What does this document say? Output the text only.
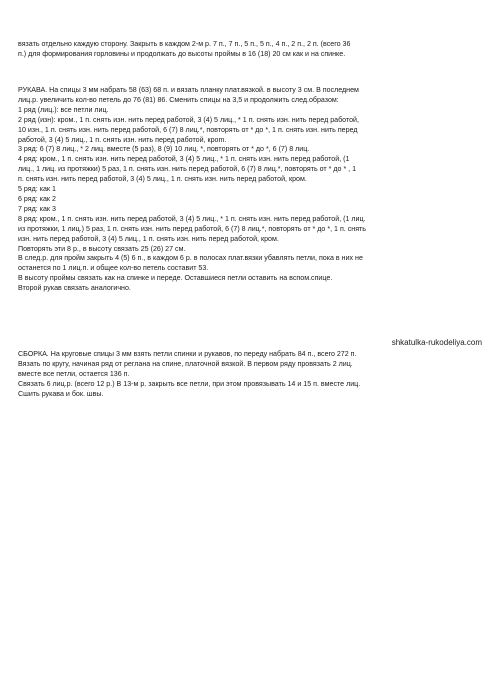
вязать отдельно каждую сторону. Закрыть в каждом 2-м р. 7 п., 7 п., 5 п., 5 п., 4 п., 2 п., 2 п. (всего 36
п.) для формирования горловины и продолжать до высоты проймы в 16 (18) 20 см как и на спинке.
РУКАВА. На спицы 3 мм набрать 58 (63) 68 п. и вязать планку плат.вязкой. в высоту 3 см. В последнем
лиц.р. увеличить кол-во петель до 76 (81) 86. Сменить спицы на 3,5 и продолжить след.образом:
1 ряд (лиц.): все петли лиц.
2 ряд (изн): кром., 1 п. снять изн. нить перед работой, 3 (4) 5 лиц., * 1 п. снять изн. нить перед работой,
10 изн., 1 п. снять изн. нить перед работой, 6 (7) 8 лиц.*, повторять от * до *, 1 п. снять изн. нить перед
работой, 3 (4) 5 лиц., 1 п. снять изн. нить перед работой, крom.
3 ряд: 6 (7) 8 лиц., * 2 лиц. вместе (5 раз), 8 (9) 10 лиц. *, повторять от * до *, 6 (7) 8 лиц.
4 ряд: кром., 1 п. снять изн. нить перед работой, 3 (4) 5 лиц., * 1 п. снять изн. нить перед работой, (1
лиц., 1 лиц. из протяжки) 5 раз, 1 п. снять изн. нить перед работой, 6 (7) 8 лиц.*, повторять от * до * , 1
п. снять изн. нить перед работой, 3 (4) 5 лиц., 1 п. снять изн. нить перед работой, кром.
5 ряд: как 1
6 ряд: как 2
7 ряд: как 3
8 ряд: кром., 1 п. снять изн. нить перед работой, 3 (4) 5 лиц., * 1 п. снять изн. нить перед работой, (1 лиц.
из протяжки, 1 лиц.) 5 раз, 1 п. снять изн. нить перед работой, 6 (7) 8 лиц.*, повторять от * до *, 1 п. снять
изн. нить перед работой, 3 (4) 5 лиц., 1 п. снять изн. нить перед работой, кром.
Повторять эти 8 р., в высоту связать 25 (26) 27 см.
В след.р. для пройм закрыть 4 (5) 6 п., в каждом 6 р. в полосах плат.вязки убавлять петли, пока в них не
останется по 1 лиц.п. и общее кол-во петель составит 53.
В высоту проймы связать как на спинке и переде. Оставшиеся петли оставить на вспом.спице.
Второй рукав связать аналогично.
shkatulka-rukodeliya.com
СБОРКА. На круговые спицы 3 мм взять петли спинки и рукавов, по переду набрать 84 п., всего 272 п.
Вязать по кругу, начиная ряд от реглана на спине, платочной вязкой. В первом ряду провязать 2 лиц.
вместе все петли, остается 136 п.
Связать 6 лиц.р. (всего 12 р.) В 13-м р. закрыть все петли, при этом провязывать 14 и 15 п. вместе лиц.
Сшить рукава и бок. швы.
